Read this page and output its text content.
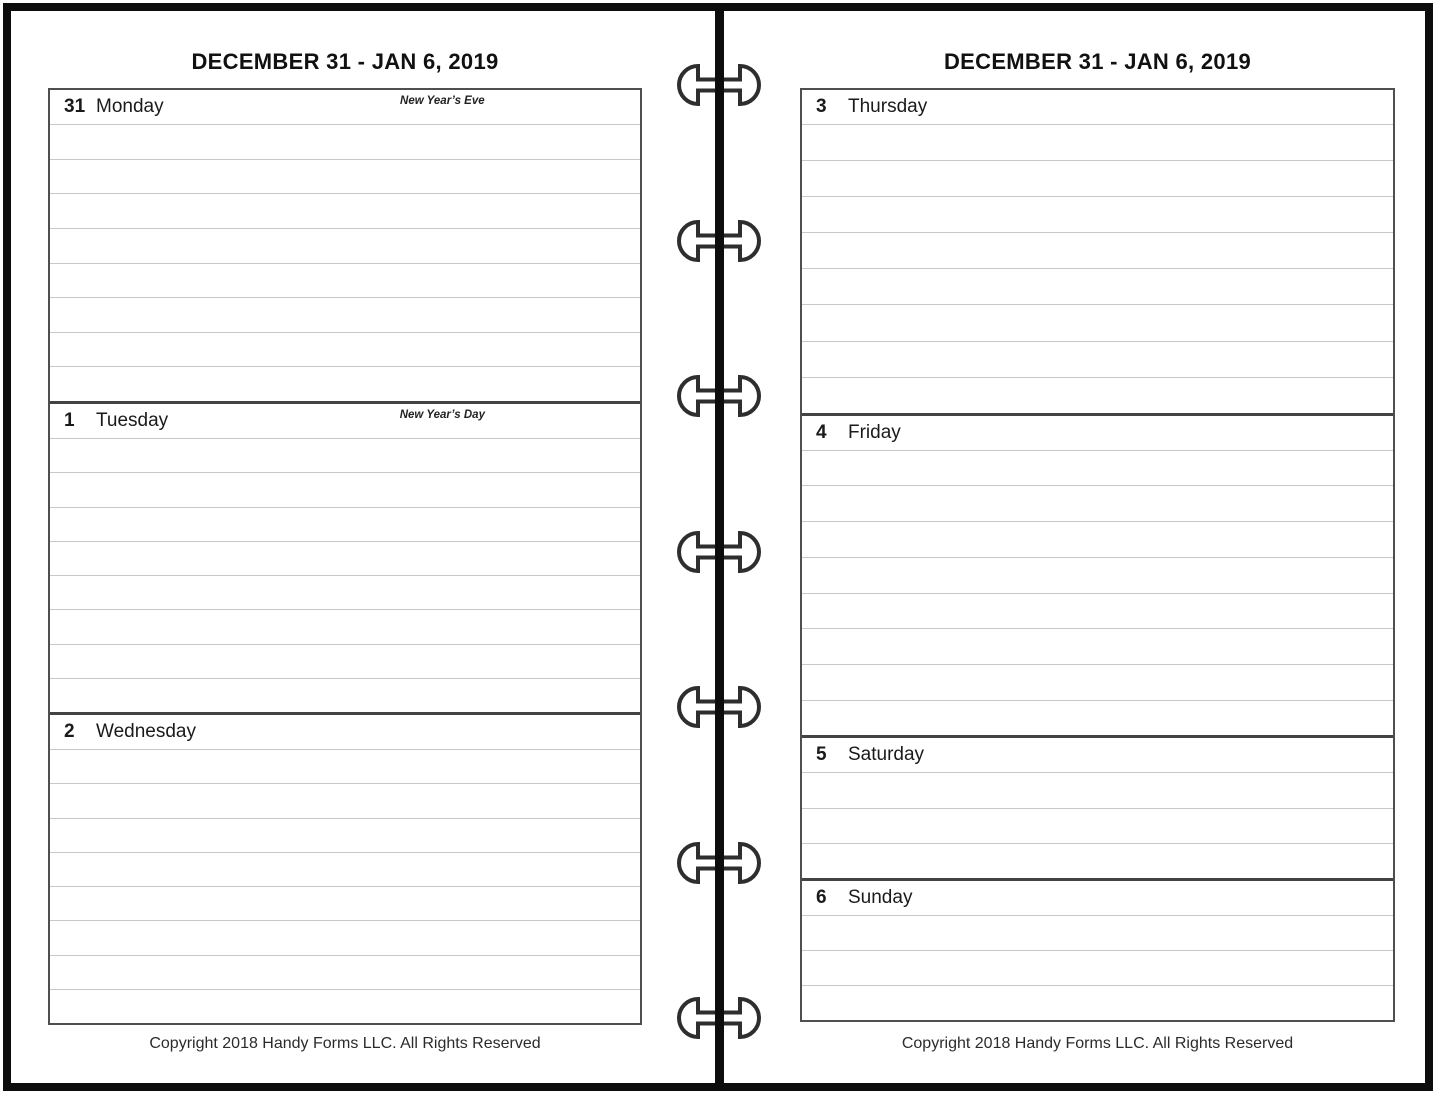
DECEMBER 31 - JAN 6, 2019
31 Monday	New Year’s Eve
1	Tuesday	New Year’s Day
2	Wednesday
Copyright 2018 Handy Forms LLC. All Rights Reserved
DECEMBER 31 - JAN 6, 2019
3	Thursday
4	Friday
5	Saturday
6	Sunday
Copyright 2018 Handy Forms LLC. All Rights Reserved
